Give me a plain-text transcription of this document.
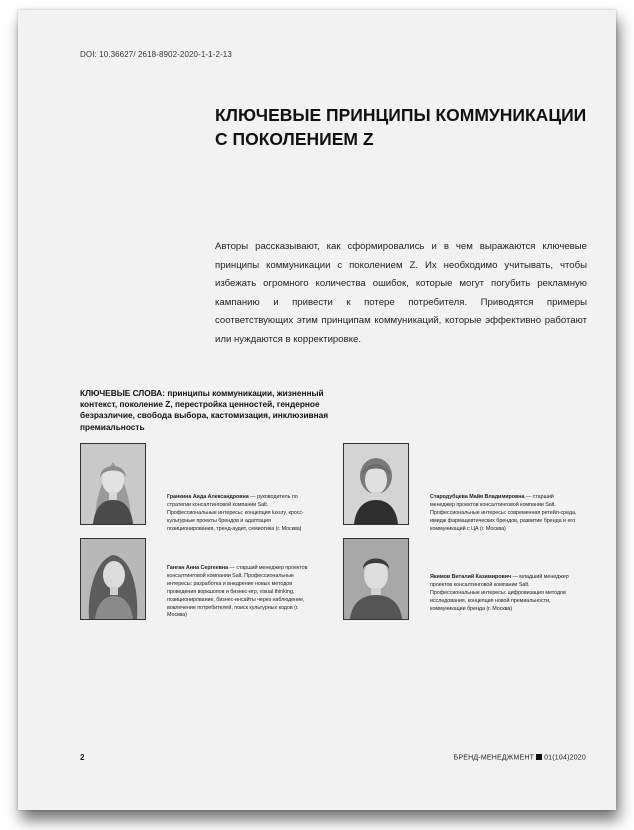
DOI: 10.36627/ 2618-8902-2020-1-1-2-13
КЛЮЧЕВЫЕ ПРИНЦИПЫ КОММУНИКАЦИИ
С ПОКОЛЕНИЕМ Z
Авторы рассказывают, как сформировались и в чем выражаются ключевые принципы коммуникации с поколением Z. Их необходимо учитывать, чтобы избежать огромного количества ошибок, которые могут погубить рекламную кампанию и привести к потере потребителя. Приводятся примеры соответствующих этим принципам коммуникаций, которые эффективно работают или нуждаются в корректировке.
КЛЮЧЕВЫЕ СЛОВА: принципы коммуникации, жизненный контекст, поколение Z, перестройка ценностей, гендерное безразличие, свобода выбора, кастомизация, инклюзивная премиальность
Гранкина Аида Александровна — руководитель по стратегии консалтинговой компании Salt. Профессиональные интересы: концепция luxury, кросс-культурные проекты брендов и адаптация позиционирования, тренд-аудит, семиотика (г. Москва)
Стародубцева Майя Владимировна — старший менеджер проектов консалтинговой компании Salt. Профессиональные интересы: современная ретейл-среда, имидж фармацевтических брендов, развитие бренда и его коммуникаций с ЦА (г. Москва)
Ганган Анна Сергеевна — старший менеджер проектов консалтинговой компании Salt. Профессиональные интересы: разработка и внедрение новых методов проведения воркшопов и бизнес-игр, visual thinking, позиционирование, бизнес-инсайты через наблюдение, вовлечение потребителей, поиск культурных кодов (г. Москва)
Якимов Виталий Казимирович — младший менеджер проектов консалтинговой компании Salt. Профессиональные интересы: цифровизация методов исследования, концепция новой премиальности, коммуникации бренда (г. Москва)
2	БРЕНД-МЕНЕДЖМЕНТ 01(104)2020
